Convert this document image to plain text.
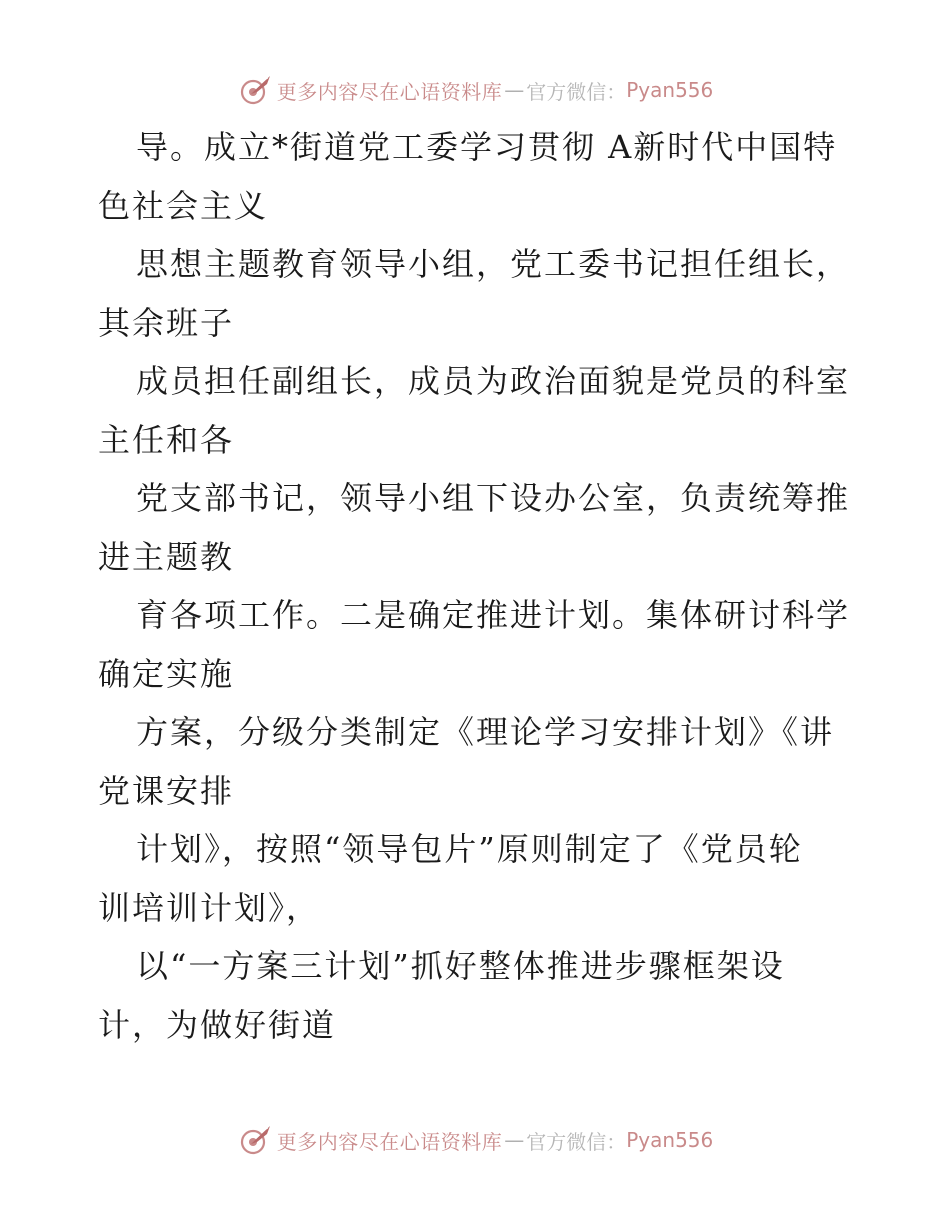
更多内容尽在心语资料库 — 官方微信： Pyan556
导。成立*街道党工委学习贯彻 A新时代中国特
色社会主义
思想主题教育领导小组，党工委书记担任组长，
其余班子
成员担任副组长，成员为政治面貌是党员的科室
主任和各
党支部书记，领导小组下设办公室，负责统筹推
进主题教
育各项工作。二是确定推进计划。集体研讨科学
确定实施
方案，分级分类制定《理论学习安排计划》《讲
党课安排
计划》，按照“领导包片”原则制定了《党员轮
训培训计划》，
以“一方案三计划”抓好整体推进步骤框架设
计，为做好街道
更多内容尽在心语资料库 — 官方微信： Pyan556
